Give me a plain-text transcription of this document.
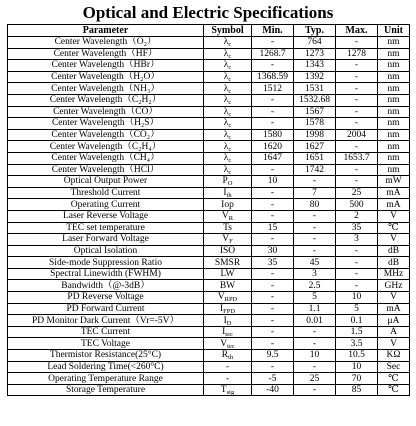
Optical and Electric Specifications
Parameter	Symbol	Min.	Typ.	Max.	Unit
Center Wavelength（O₂）	$\lambda_c$	-	764	-	nm
Center Wavelength（HF）	$\lambda_c$	1268.7	1273	1278	nm
Center Wavelength（HBr）	$\lambda_c$	-	1343	-	nm
Center Wavelength（H₂O）	$\lambda_c$	1368.59	1392	-	nm
Center Wavelength（NH₃）	$\lambda_c$	1512	1531	-	nm
Center Wavelength（C₂H₂）	$\lambda_c$	-	1532.68	-	nm
Center Wavelength（CO）	$\lambda_c$	-	1567	-	nm
Center Wavelength（H₂S）	$\lambda_c$	-	1578	-	nm
Center Wavelength（CO₂）	$\lambda_c$	1580	1998	2004	nm
Center Wavelength（C₂H₄）	$\lambda_c$	1620	1627	-	nm
Center Wavelength（CH₄）	$\lambda_c$	1647	1651	1653.7	nm
Center Wavelength（HCl）	$\lambda_c$	-	1742	-	nm
Optical Output Power	$P_O$	10	-	-	mW
Threshold Current	$I_{th}$	-	7	25	mA
Operating Current	Iop	-	80	500	mA
Laser Reverse Voltage	$V_R$	-	-	2	V
TEC set temperature	Ts	15	-	35	℃
Laser Forward Voltage	$V_F$	-	-	3	V
Optical Isolation	ISO	30	-	-	dB
Side-mode Suppression Ratio	SMSR	35	45	-	dB
Spectral Linewidth (FWHM)	LW	-	3	-	MHz
Bandwidth（@-3dB）	BW	-	2.5	-	GHz
PD Reverse Voltage	$V_{RPD}$	-	5	10	V
PD Forward Current	$I_{FPD}$	-	1.1	5	mA
PD Monitor Dark Current（Vr=-5V）	$I_D$	-	0.01	0.1	μA
TEC Current	$I_{tec}$	-	-	1.5	A
TEC Voltage	$V_{tec}$	-	-	3.5	V
Thermistor Resistance(25°C)	$R_{th}$	9.5	10	10.5	KΩ
Lead Soldering Time(<260°C)	-	-	-	10	Sec
Operating Temperature Range	-	-5	25	70	℃
Storage Temperature	$T_{stg}$	-40	-	85	℃
